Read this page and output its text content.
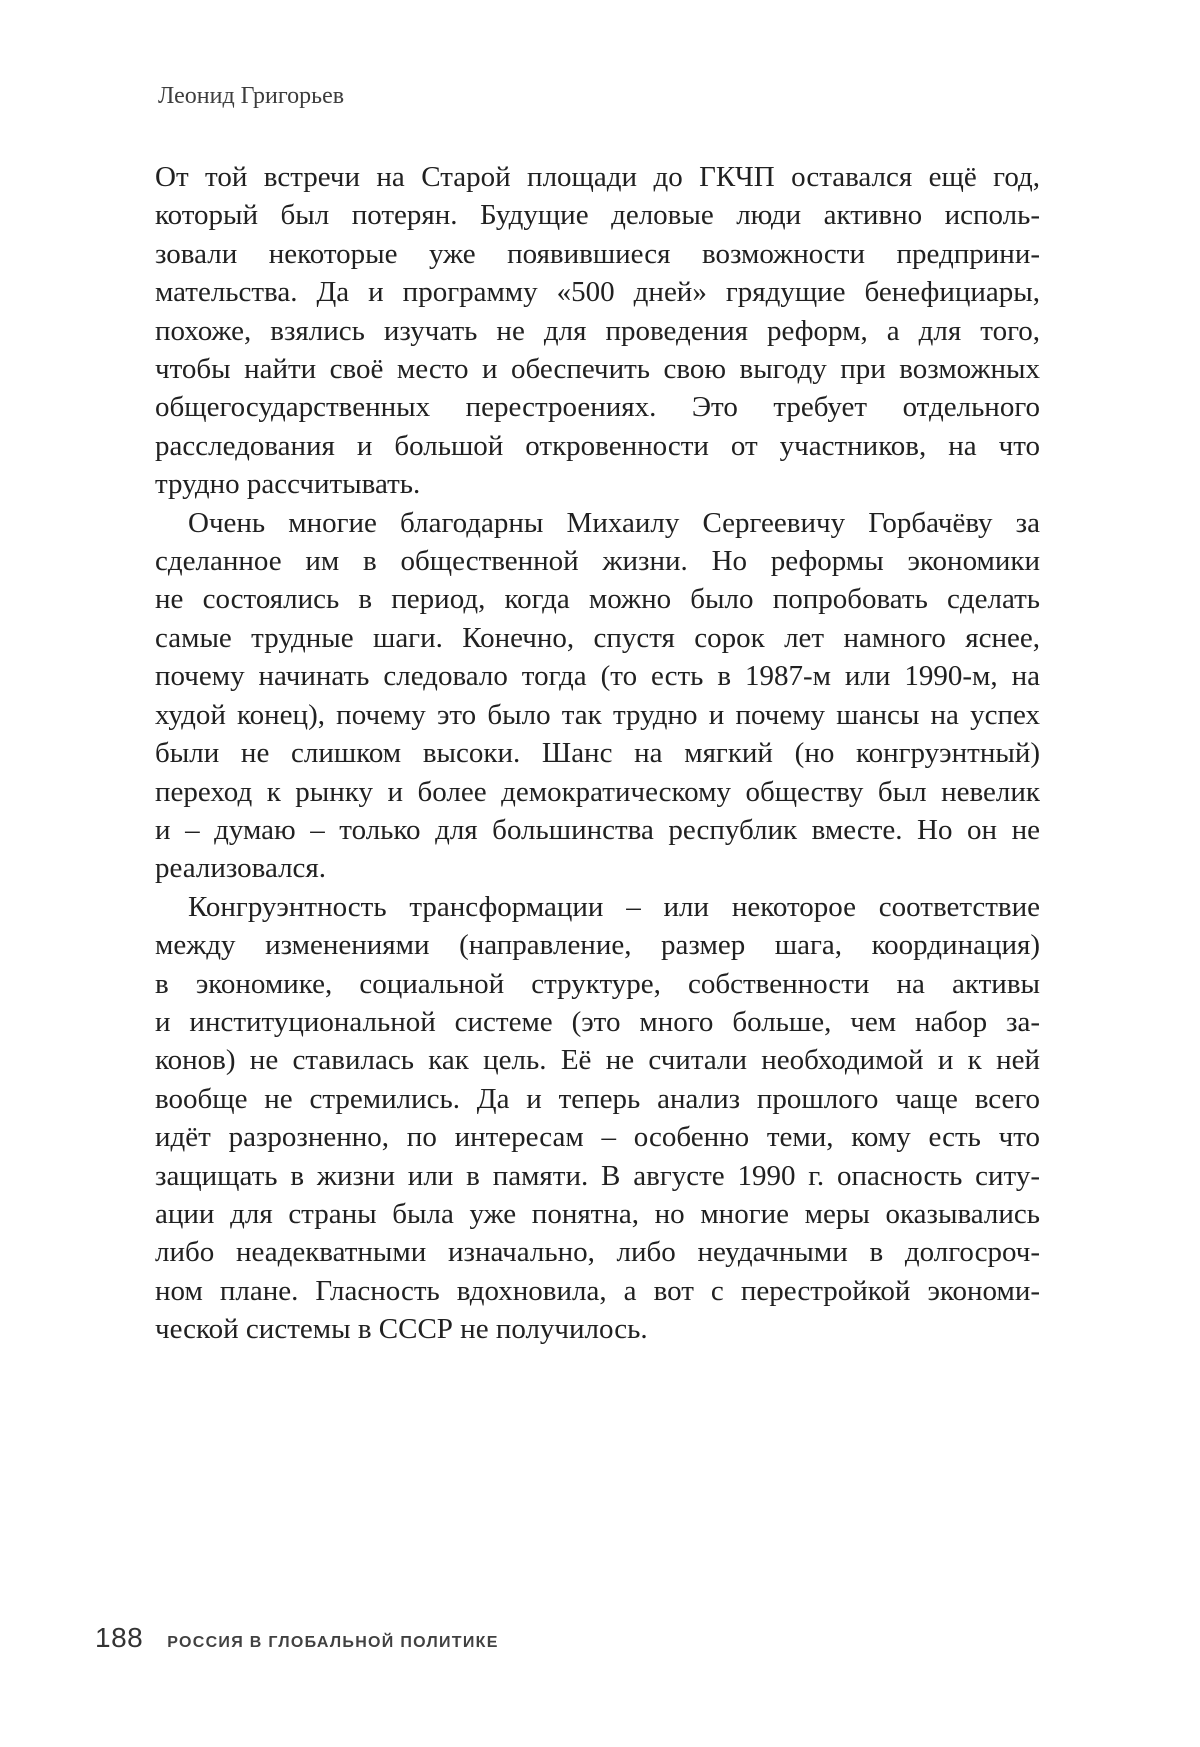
Леонид Григорьев
От той встречи на Старой площади до ГКЧП оставался ещё год,
который был потерян. Будущие деловые люди активно исполь-
зовали некоторые уже появившиеся возможности предприни-
мательства. Да и программу «500 дней» грядущие бенефициары,
похоже, взялись изучать не для проведения реформ, а для того,
чтобы найти своё место и обеспечить свою выгоду при возможных
общегосударственных перестроениях. Это требует отдельного
расследования и большой откровенности от участников, на что
трудно рассчитывать.
Очень многие благодарны Михаилу Сергеевичу Горбачёву за
сделанное им в общественной жизни. Но реформы экономики
не состоялись в период, когда можно было попробовать сделать
самые трудные шаги. Конечно, спустя сорок лет намного яснее,
почему начинать следовало тогда (то есть в 1987-м или 1990-м, на
худой конец), почему это было так трудно и почему шансы на успех
были не слишком высоки. Шанс на мягкий (но конгруэнтный)
переход к рынку и более демократическому обществу был невелик
и – думаю – только для большинства республик вместе. Но он не
реализовался.
Конгруэнтность трансформации – или некоторое соответствие
между изменениями (направление, размер шага, координация)
в экономике, социальной структуре, собственности на активы
и институциональной системе (это много больше, чем набор за-
конов) не ставилась как цель. Её не считали необходимой и к ней
вообще не стремились. Да и теперь анализ прошлого чаще всего
идёт разрозненно, по интересам – особенно теми, кому есть что
защищать в жизни или в памяти. В августе 1990 г. опасность ситу-
ации для страны была уже понятна, но многие меры оказывались
либо неадекватными изначально, либо неудачными в долгосроч-
ном плане. Гласность вдохновила, а вот с перестройкой экономи-
ческой системы в СССР не получилось.
188 РОССИЯ В ГЛОБАЛЬНОЙ ПОЛИТИКЕ
